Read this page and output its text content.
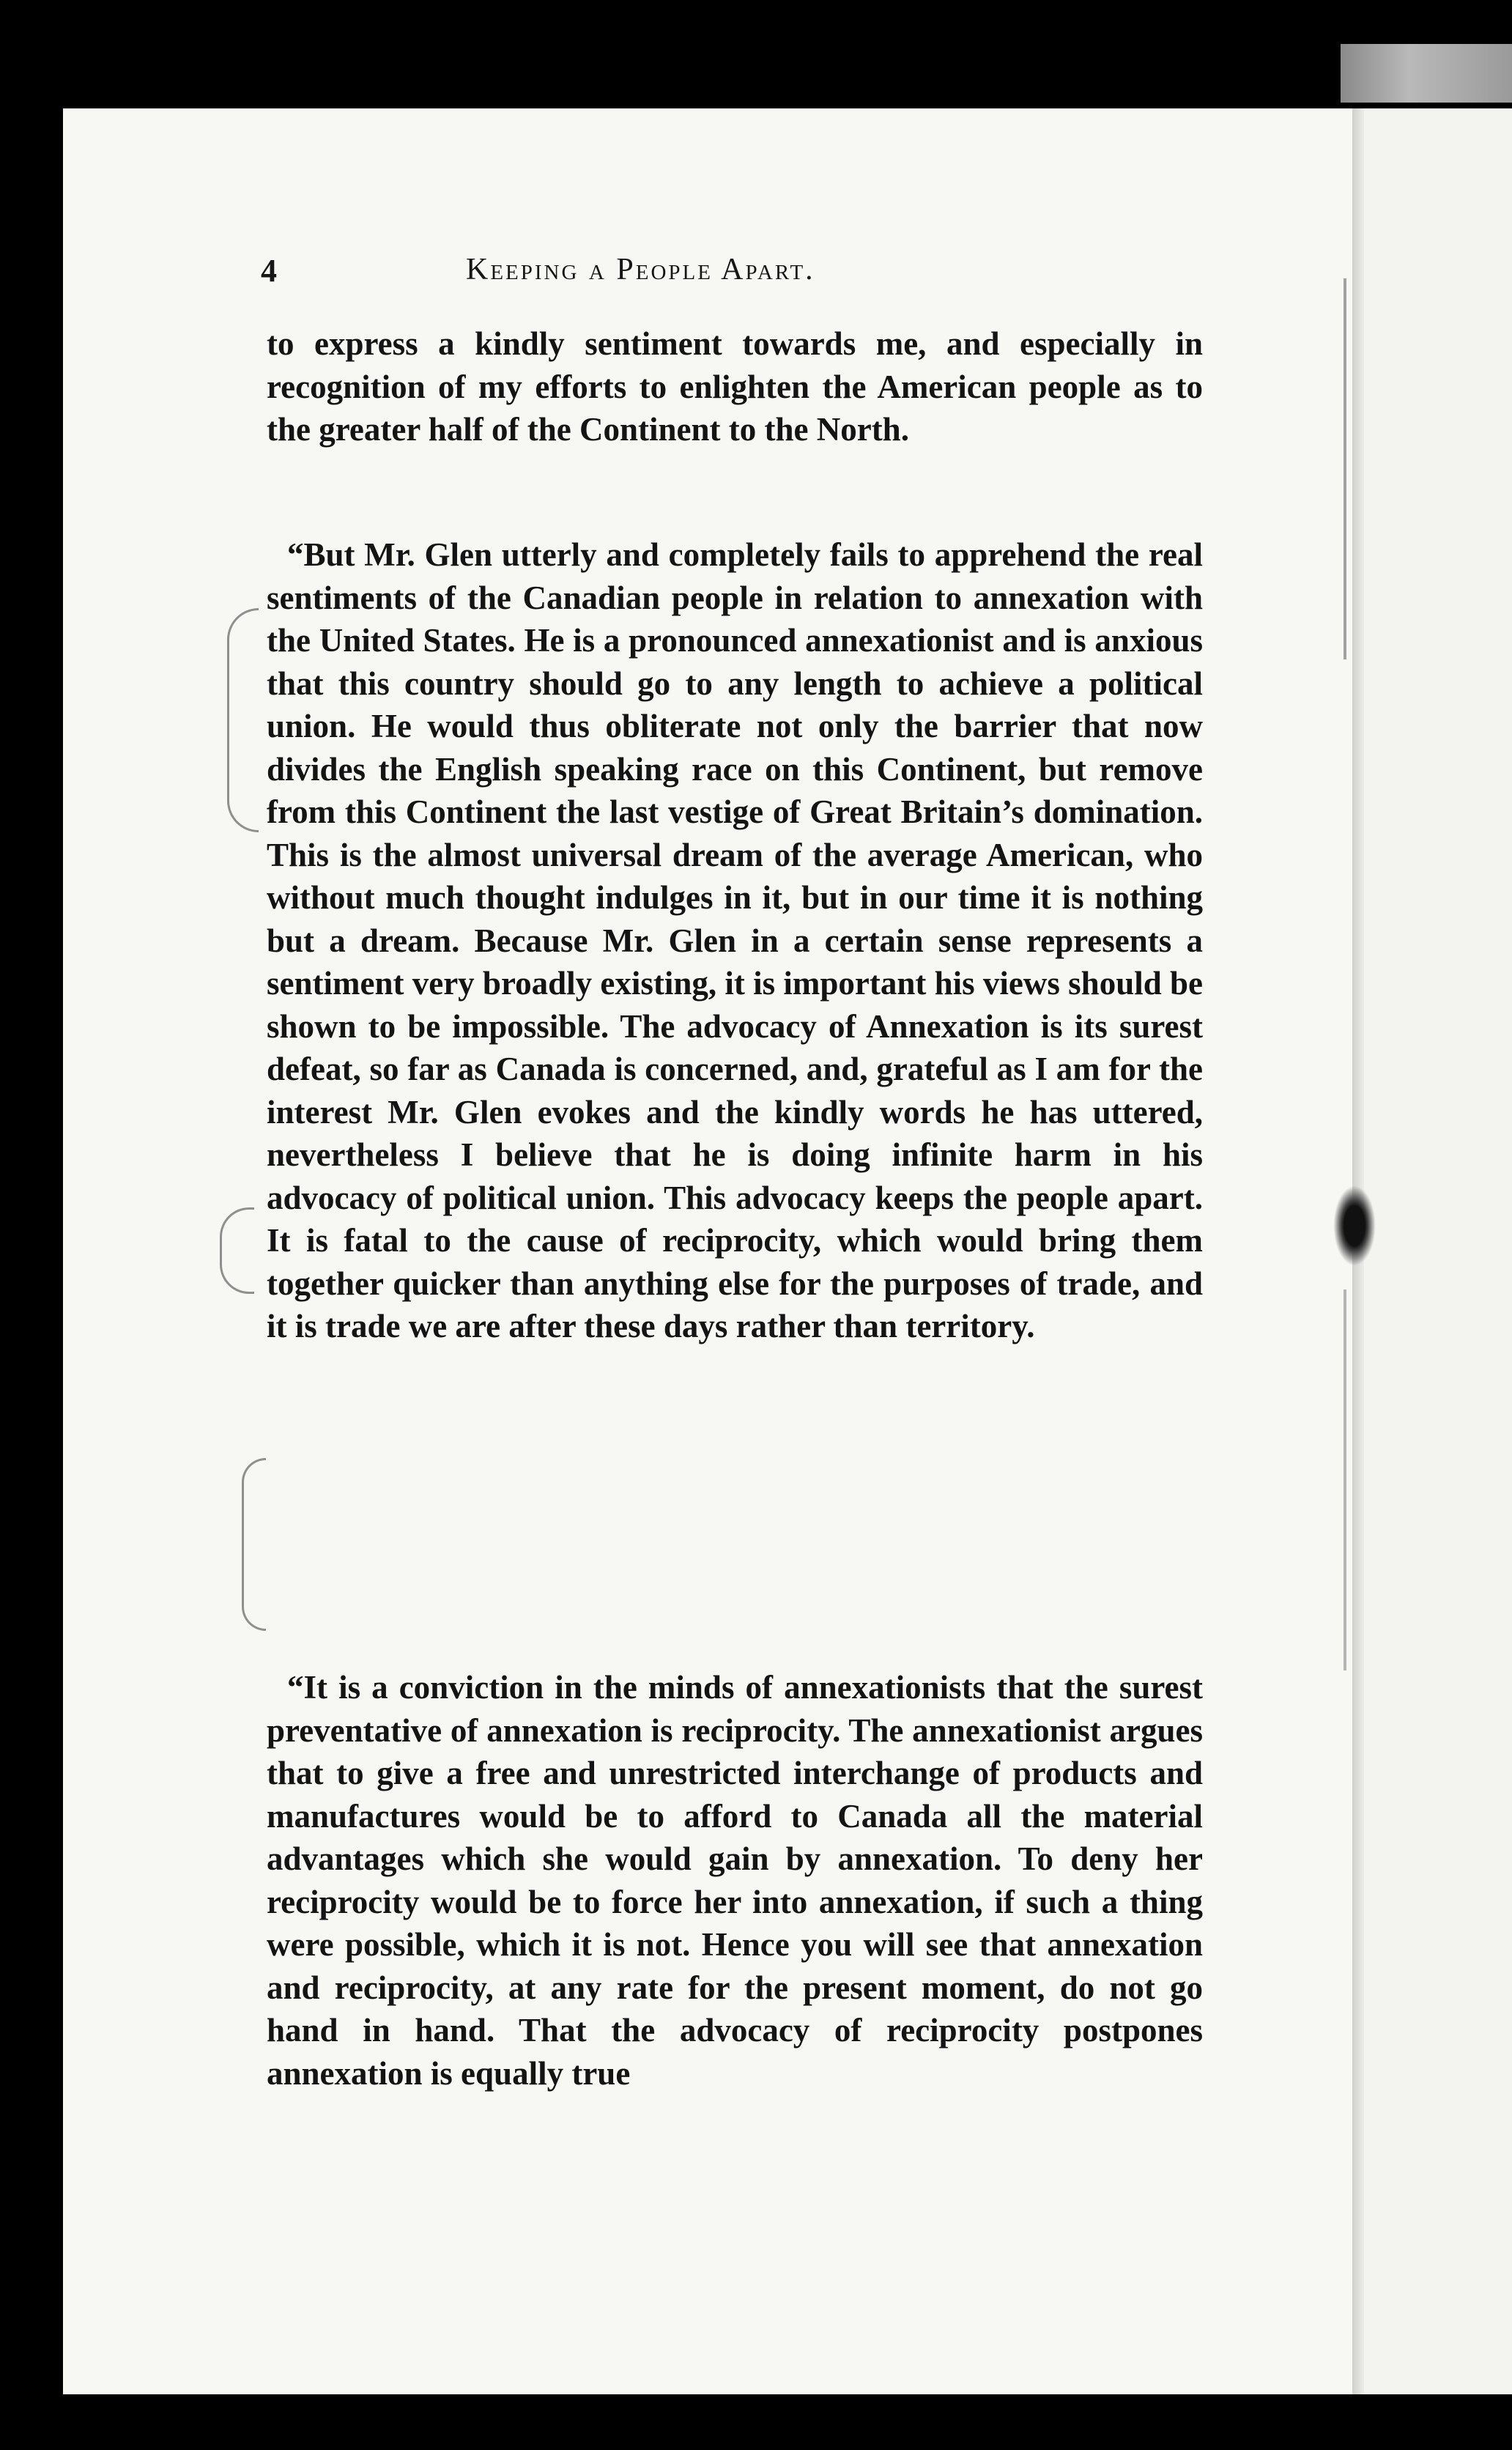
4	Keeping a People Apart.
to express a kindly sentiment towards me, and especially in recognition of my efforts to enlighten the American people as to the greater half of the Continent to the North.
“But Mr. Glen utterly and completely fails to apprehend the real sentiments of the Canadian people in relation to annexation with the United States. He is a pronounced annexationist and is anxious that this country should go to any length to achieve a political union. He would thus obliterate not only the barrier that now divides the English speaking race on this Continent, but remove from this Continent the last vestige of Great Britain’s domination. This is the almost universal dream of the average American, who without much thought indulges in it, but in our time it is nothing but a dream. Because Mr. Glen in a certain sense represents a sentiment very broadly existing, it is important his views should be shown to be impossible. The advocacy of Annexation is its surest defeat, so far as Canada is concerned, and, grateful as I am for the interest Mr. Glen evokes and the kindly words he has uttered, nevertheless I believe that he is doing infinite harm in his advocacy of political union. This advocacy keeps the people apart. It is fatal to the cause of reciprocity, which would bring them together quicker than anything else for the purposes of trade, and it is trade we are after these days rather than territory.
“It is a conviction in the minds of annexationists that the surest preventative of annexation is reciprocity. The annexationist argues that to give a free and unrestricted interchange of products and manufactures would be to afford to Canada all the material advantages which she would gain by annexation. To deny her reciprocity would be to force her into annexation, if such a thing were possible, which it is not. Hence you will see that annexation and reciprocity, at any rate for the present moment, do not go hand in hand. That the advocacy of reciprocity postpones annexation is equally true
